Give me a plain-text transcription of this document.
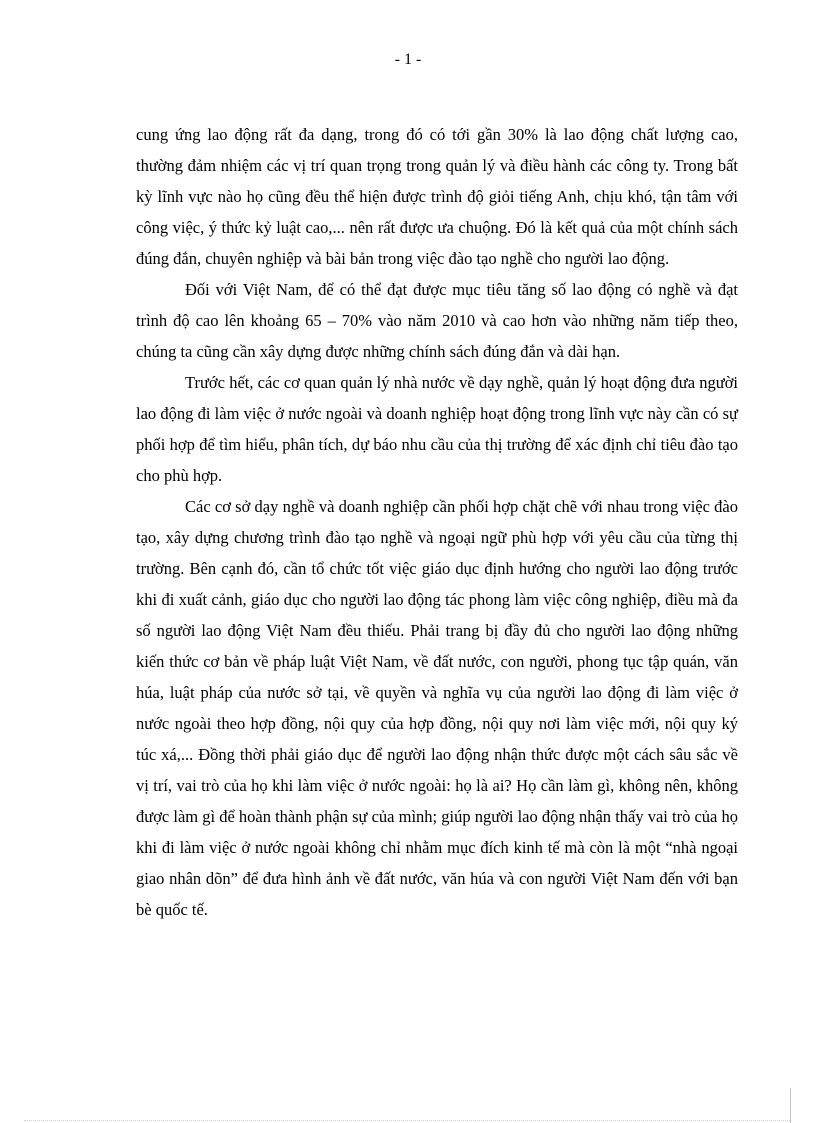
- 1 -

cung ứng lao động rất đa dạng, trong đó có tới gần 30% là lao động chất lượng cao, thường đảm nhiệm các vị trí quan trọng trong quản lý và điều hành các công ty. Trong bất kỳ lĩnh vực nào họ cũng đều thể hiện được trình độ giỏi tiếng Anh, chịu khó, tận tâm với công việc, ý thức kỷ luật cao,... nên rất được ưa chuộng. Đó là kết quả của một chính sách đúng đắn, chuyên nghiệp và bài bản trong việc đào tạo nghề cho người lao động.

Đối với Việt Nam, để có thể đạt được mục tiêu tăng số lao động có nghề và đạt trình độ cao lên khoảng 65 – 70% vào năm 2010 và cao hơn vào những năm tiếp theo, chúng ta cũng cần xây dựng được những chính sách đúng đắn và dài hạn.

Trước hết, các cơ quan quản lý nhà nước về dạy nghề, quản lý hoạt động đưa người lao động đi làm việc ở nước ngoài và doanh nghiệp hoạt động trong lĩnh vực này cần có sự phối hợp để tìm hiểu, phân tích, dự báo nhu cầu của thị trường để xác định chỉ tiêu đào tạo cho phù hợp.

Các cơ sở dạy nghề và doanh nghiệp cần phối hợp chặt chẽ với nhau trong việc đào tạo, xây dựng chương trình đào tạo nghề và ngoại ngữ phù hợp với yêu cầu của từng thị trường. Bên cạnh đó, cần tổ chức tốt việc giáo dục định hướng cho người lao động trước khi đi xuất cảnh, giáo dục cho người lao động tác phong làm việc công nghiệp, điều mà đa số người lao động Việt Nam đều thiếu. Phải trang bị đầy đủ cho người lao động những kiến thức cơ bản về pháp luật Việt Nam, về đất nước, con người, phong tục tập quán, văn húa, luật pháp của nước sở tại, về quyền và nghĩa vụ của người lao động đi làm việc ở nước ngoài theo hợp đồng, nội quy của hợp đồng, nội quy nơi làm việc mới, nội quy ký túc xá,... Đồng thời phải giáo dục để người lao động nhận thức được một cách sâu sắc về vị trí, vai trò của họ khi làm việc ở nước ngoài: họ là ai? Họ cần làm gì, không nên, không được làm gì để hoàn thành phận sự của mình; giúp người lao động nhận thấy vai trò của họ khi đi làm việc ở nước ngoài không chỉ nhằm mục đích kinh tế mà còn là một “nhà ngoại giao nhân dõn” để đưa hình ảnh về đất nước, văn húa và con người Việt Nam đến với bạn bè quốc tế.
